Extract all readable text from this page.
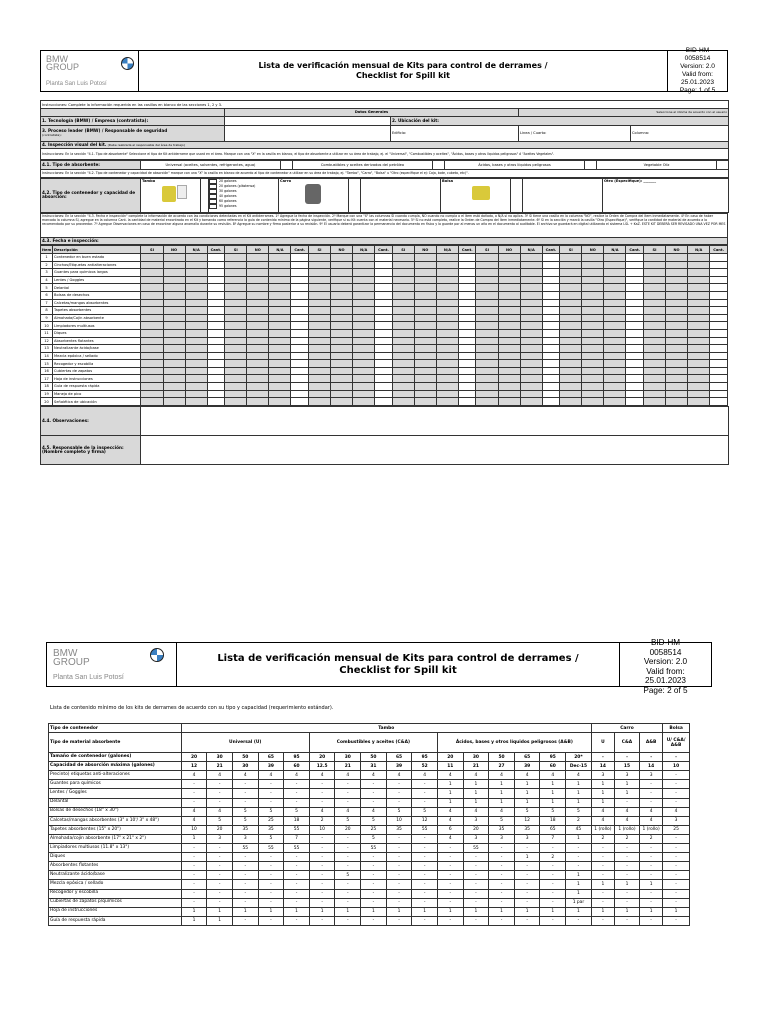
BMW GROUP
Planta San Luis Potosí
Lista de verificación mensual de Kits para control de derrames /
Checklist for Spill kit
BID-HM
0058514
Version: 2.0
Valid from:
25.01.2023
Page: 1 of 5
Instrucciones: Complete la información requerida en las casillas en blanco de las secciones 1, 2 y 3.				
	Datos Generales		Seleccione el idioma de acuerdo con el usuario	
1. Tecnología (BMW) / Empresa (contratista):		2. Ubicación del kit:		
3. Proceso leader (BMW) / Responsable de seguridad
(contratista):		Edificio:	Linea / Cuarto:	Columna:
4. Inspección visual del kit. (Debe realizarla el responsable del área de trabajo)				
Instrucciones: En la sección "4.1. Tipo de absorbente" Seleccione el tipo de Kit antiderrame que usará en el área. Marque con una "X" en la casilla en blanco, el tipo de absorbente a utilizar en su área de trabajo, ej. el "Universal", "Combustibles y aceites", "Ácidos, bases y otros líquidos peligrosos" ó "Aceites Vegetales".				
4.1. Tipo de absorbente:	Universal (aceites, solventes, refrigerantes, agua)		Combustibles y aceites derivados del petróleo		Ácidos, bases y otros líquidos peligrosos		Vegetable Oilz	
Instrucciones: En la sección "4.2. Tipo de contenedor y capacidad de absorción" marque con una "X" la casilla en blanco de acuerdo al tipo de contenedor a utilizar en su área de trabajo, ej. "Tambo", "Carro", "Bolsa" u "Otro (especifique el ej: Caja, bote, cubeta, etc)".
4.2. Tipo de contenedor y capacidad de absorción:	
Tambo		20 galones
20 galones (plástensa)
30 galones
40 galones
60 galones
95 galones

Carro			Bolsa			Otro (Especifique): _______
Instrucciones: En la sección "4.3. Fecha e inspección" complete la información de acuerdo con las condiciones detectadas en el Kit antiderrames. 1º Agregue la fecha de inspección. 2º Marque con una "X" las columnas SI cuando cumpla, NO cuando no cumpla o el ítem está dañado, o N/A si no aplica. 3º Si tiene una casilla en la columna "NO", realice la Orden de Compra del ítem inmediatamente. 4º En caso de haber marcado la columna SI, agregue en la columna Cant. la cantidad de material encontrada en el Kit y tomando como referencia la guía de contenido mínimo de la página siguiente, verifique si su Kit cuenta con el material necesario. 5º Si no está completo, realice la Orden de Compra del ítem inmediatamente. 6º Si en la sección y marcó la casilla "Otro (Especifique)", verifique la cantidad de material de acuerdo a lo recomendado por su proveedor. 7º Agregue Observaciones en caso de encontrar alguna anomalía durante su revisión. 8º Agregue su nombre y firma posterior a su revisión. 9º El usuario deberá garantizar la permanencia del documento en físico y lo guarde por al menos un año en el documento al auditable. El archivo se guardará en digital utilizando el sistema LSL + KaZ. ESTE KIT DEBERÁ SER REVISADO UNA VEZ POR MES
4.3. Fecha e inspección:
Item	Descripción	SI	NO	N/A	Cant.	SI	NO	N/A	Cant.	SI	NO	N/A	Cant.	SI	NO	N/A	Cant.	SI	NO	N/A	Cant.	SI	NO	N/A	Cant.	SI	NO	N/A	Cant.
1	Contenedor en buen estado																												
2	Cinchos/Etiquetas antialteraciones																												
3	Guantes para químicos largos																												
4	Lentes / Goggles																												
5	Delantal																												
6	Bolsas de desechos																												
7	Calcetas/mangas absorbentes																												
8	Tapetes absorbentes																												
9	Almohada/Cojín absorbente																												
10	Limpiadores multiusos																												
11	Diques																												
12	Absorbentes flotantes																												
13	Neutralizante ácido/base																												
14	Mezcla epóxica / sellado																												
15	Recogedor y escobilla																												
16	Cubiertas de zapatos																												
17	Hoja de instrucciones																												
18	Guía de respuesta rápida																												
19	Manejo de pico																												
20	Señalética de ubicación																												
4.4. Observaciones:	
4.5. Responsable de la inspección: (Nombre completo y firma)	
BMW GROUP
Planta San Luis Potosí
Lista de verificación mensual de Kits para control de derrames /
Checklist for Spill kit
BID-HM
0058514
Version: 2.0
Valid from:
25.01.2023
Page: 2 of 5
Lista de contenido mínimo de los kits de derrames de acuerdo con su tipo y capacidad (requerimiento estándar).
Tipo de contenedor	Tambo																Carro			Bolsa
Tipo de material absorbente	Universal (U)					Combustibles y aceites (C&A)					Ácidos, bases y otros líquidos peligrosos (A&B)						U	C&A	A&B	U/ C&A/ A&B
Tamaño de contenedor (galones)	20	30	50	65	95	20	30	50	65	95	20	30	50	65	95	20*	-	-	-	-
Capacidad de absorción máxima (galones)	12	21	30	39	60	12.5	21	31	39	52	11	21	27	39	60	Dec-15	14	15	14	10
Precinto) etiquetas anti-alteraciones	4	4	4	4	4	4	4	4	4	4	4	4	4	4	4	4	3	3	3	-
Guantes para químicos	-	-	-	-	-	-	-	-	-	-	1	1	1	1	1	1	1	1	-	-
Lentes / Goggles	-	-	-	-	-	-	-	-	-	-	1	1	1	1	1	1	1	1	-	-
Delantal	-	-	-	-	-	-	-	-	-	-	1	1	1	1	1	1	1	-	-	-
Bolsas de desechos (18" x 30")	4	4	5	5	5	4	4	4	5	5	4	4	4	5	5	5	4	4	4	4
Calcetas/mangas absorbentes (3" x 10'/ 3" x 48")	4	5	5	25	18	2	5	5	10	12	4	3	5	12	18	2	4	4	4	3
Tapetes absorbentes (15" x 20")	10	20	35	35	55	10	20	25	35	55	6	20	35	35	65	45	1 (rollo)	1 (rollo)	1 (rollo)	25
Almohada/cojín absorbente (17" x 21" x 2")	1	3	3	5	7	-	-	5	-	-	4	3	3	3	7	1	2	2	2	-
Limpiadores multiusos (11.8" x 13")	-	-	55	55	55	-	-	55	-	-	-	55	-	-	-	-	-	-	-	-
Diques	-	-	-	-	-	-	-	-	-	-	-	-	-	1	2	-	-	-	-	-
Absorbentes flotantes	-	-	-	-	-	-	-	-	-	-	-	-	-	-	-	-	-	-	-	-
Neutralizante ácido/base	-	-	-	-	-	-	5	-	-	-	-	-	-	-	-	1	-	-	-	-
Mezcla epóxica / sellado	-	-	-	-	-	-	-	-	-	-	-	-	-	-	-	1	1	1	1	-
Recogedor y escobilla	-	-	-	-	-	-	-	-	-	-	-	-	-	-	-	1	-	-	-	-
Cubiertas de zapatos p/químicos	-	-	-	-	-	-	-	-	-	-	-	-	-	-	-	1 par	-	-	-	-
Hoja de instrucciones	1	1	1	1	1	1	1	1	1	1	1	1	1	1	1	1	1	1	1	1
Guía de respuesta rápida	1	1	-	-	-	-	-	-	-	-	-	-	-	-	-	-	-	-	-	-
